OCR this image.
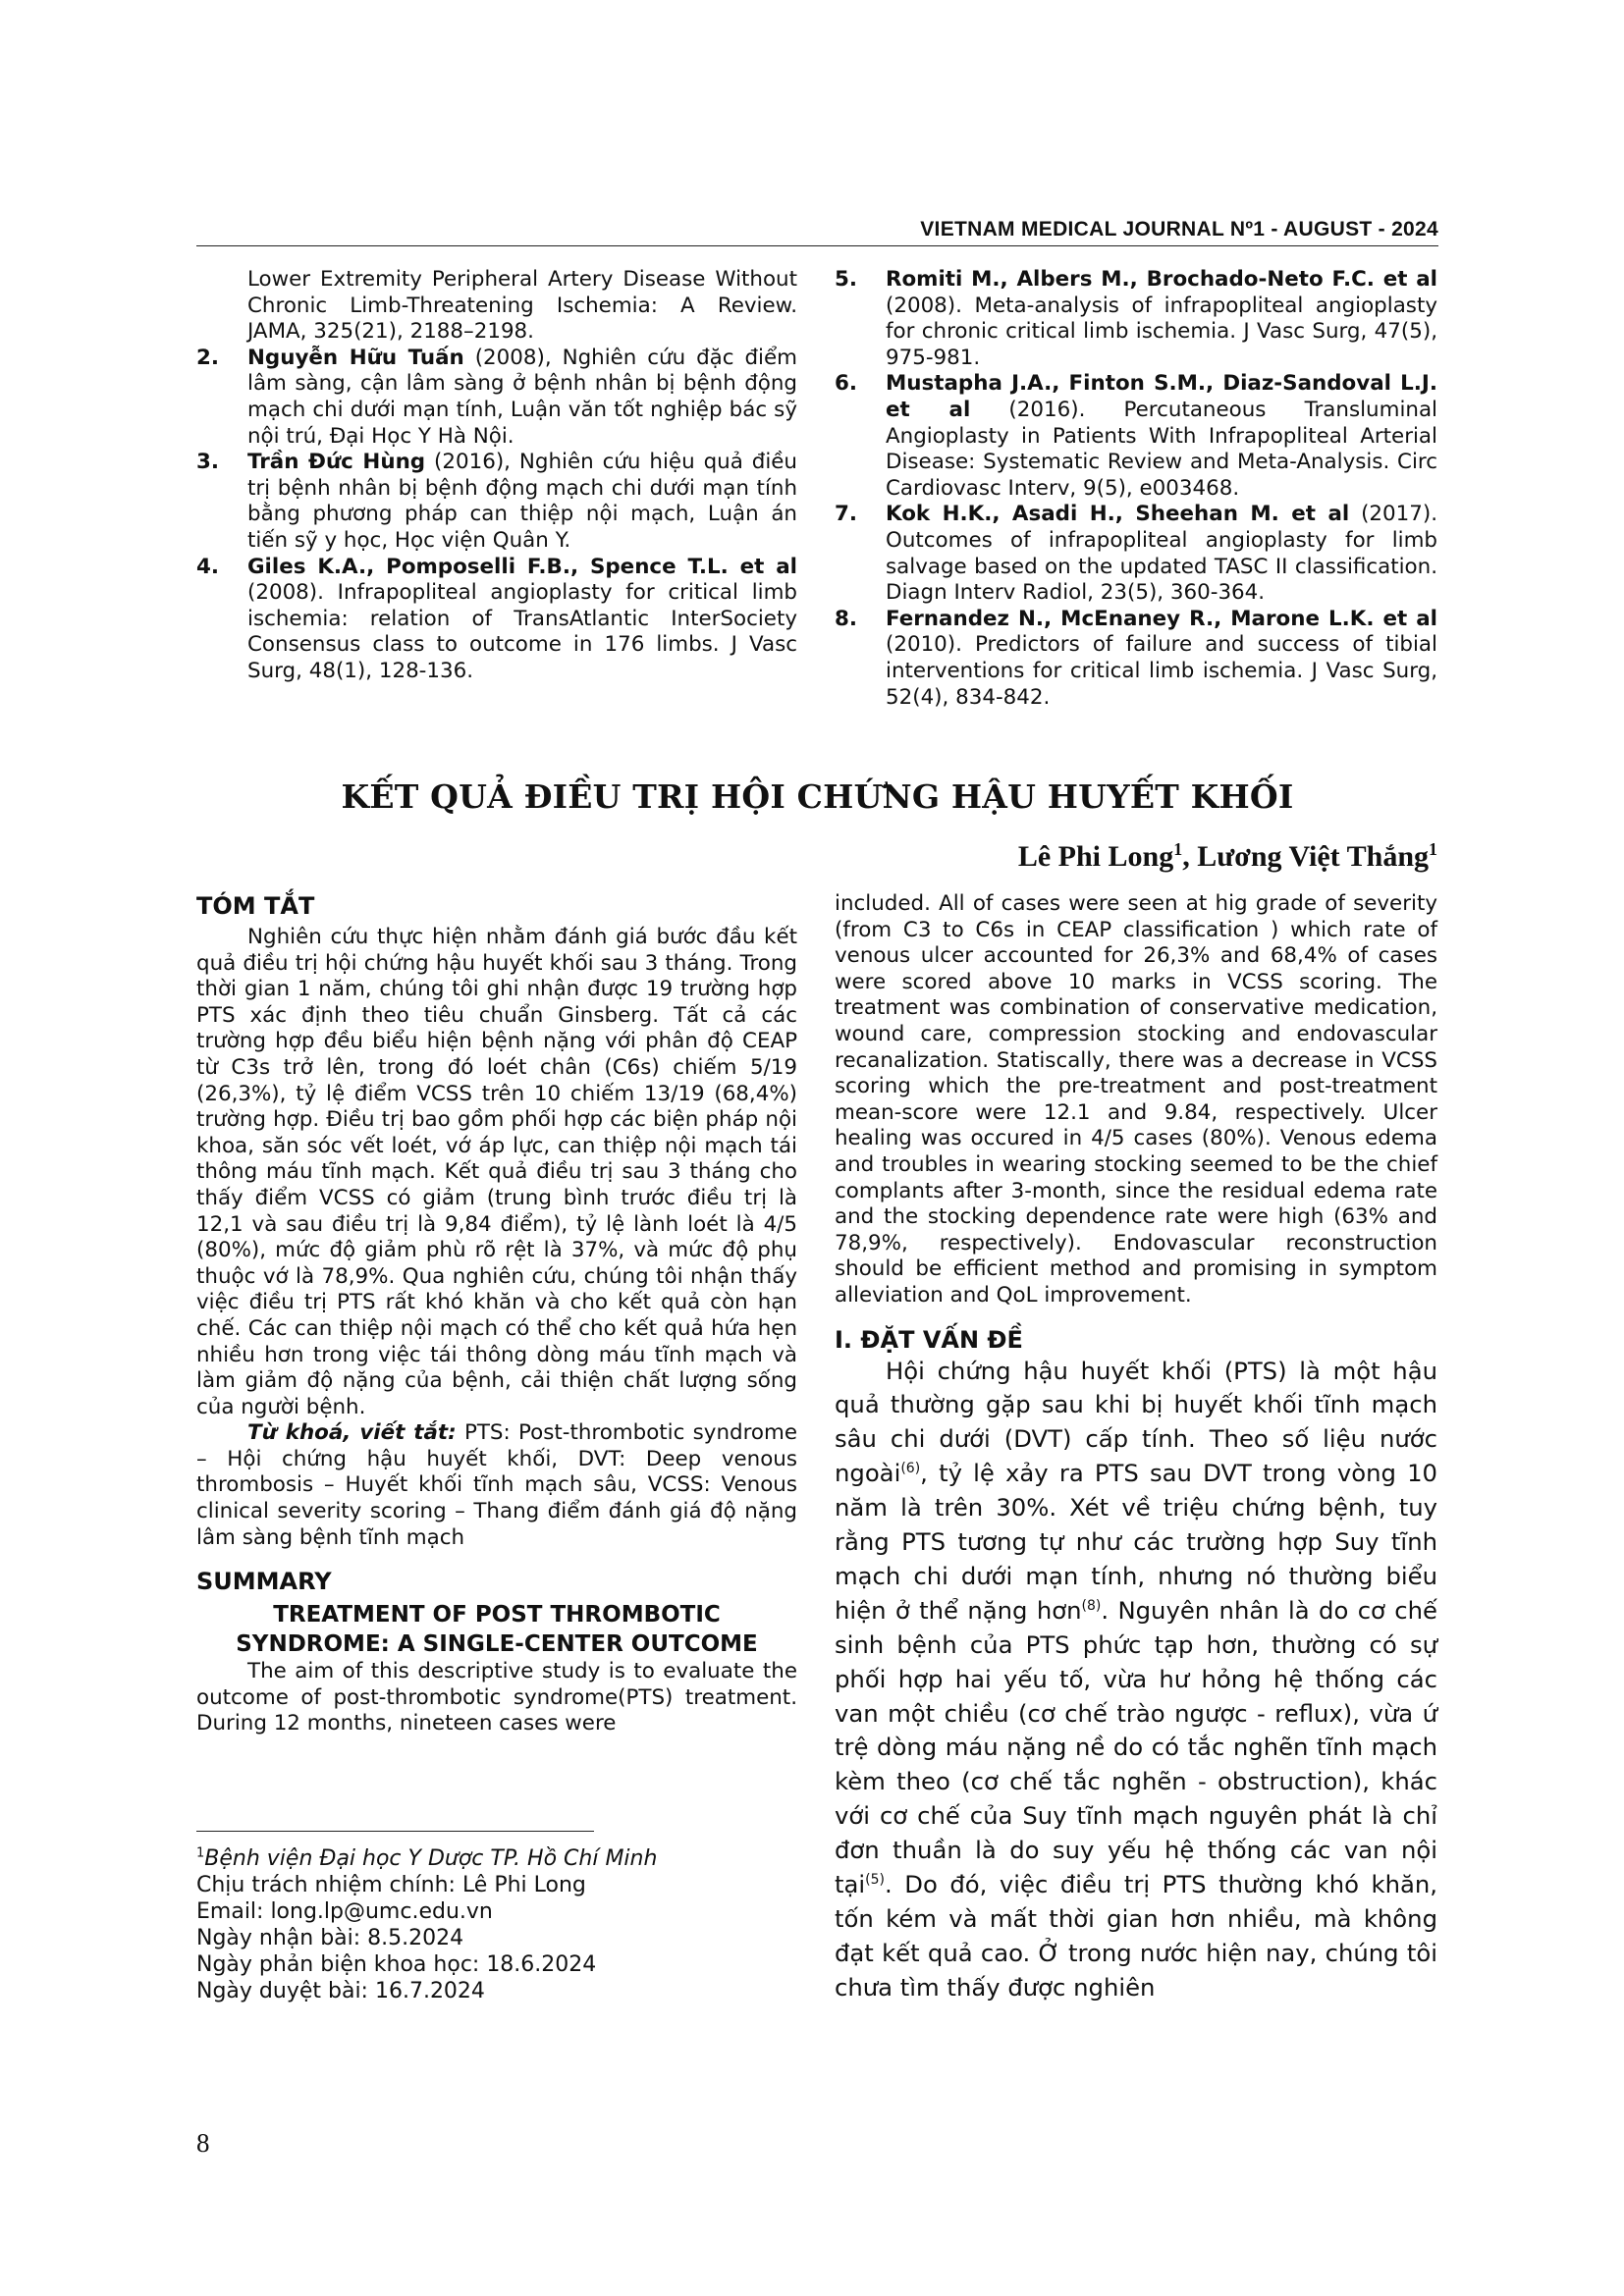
VIETNAM MEDICAL JOURNAL Nº1 - AUGUST - 2024

Lower Extremity Peripheral Artery Disease Without Chronic Limb-Threatening Ischemia: A Review. JAMA, 325(21), 2188–2198.

2. Nguyễn Hữu Tuấn (2008), Nghiên cứu đặc điểm lâm sàng, cận lâm sàng ở bệnh nhân bị bệnh động mạch chi dưới mạn tính, Luận văn tốt nghiệp bác sỹ nội trú, Đại Học Y Hà Nội.
3. Trần Đức Hùng (2016), Nghiên cứu hiệu quả điều trị bệnh nhân bị bệnh động mạch chi dưới mạn tính bằng phương pháp can thiệp nội mạch, Luận án tiến sỹ y học, Học viện Quân Y.
4. Giles K.A., Pomposelli F.B., Spence T.L. et al (2008). Infrapopliteal angioplasty for critical limb ischemia: relation of TransAtlantic InterSociety Consensus class to outcome in 176 limbs. J Vasc Surg, 48(1), 128-136.
5. Romiti M., Albers M., Brochado-Neto F.C. et al (2008). Meta-analysis of infrapopliteal angioplasty for chronic critical limb ischemia. J Vasc Surg, 47(5), 975-981.
6. Mustapha J.A., Finton S.M., Diaz-Sandoval L.J. et al (2016). Percutaneous Transluminal Angioplasty in Patients With Infrapopliteal Arterial Disease: Systematic Review and Meta-Analysis. Circ Cardiovasc Interv, 9(5), e003468.
7. Kok H.K., Asadi H., Sheehan M. et al (2017). Outcomes of infrapopliteal angioplasty for limb salvage based on the updated TASC II classification. Diagn Interv Radiol, 23(5), 360-364.
8. Fernandez N., McEnaney R., Marone L.K. et al (2010). Predictors of failure and success of tibial interventions for critical limb ischemia. J Vasc Surg, 52(4), 834-842.
KẾT QUẢ ĐIỀU TRỊ HỘI CHỨNG HẬU HUYẾT KHỐI
Lê Phi Long$^1$, Lương Việt Thắng$^1$
TÓM TẮT

Nghiên cứu thực hiện nhằm đánh giá bước đầu kết quả điều trị hội chứng hậu huyết khối sau 3 tháng. Trong thời gian 1 năm, chúng tôi ghi nhận được 19 trường hợp PTS xác định theo tiêu chuẩn Ginsberg. Tất cả các trường hợp đều biểu hiện bệnh nặng với phân độ CEAP từ C3s trở lên, trong đó loét chân (C6s) chiếm 5/19 (26,3%), tỷ lệ điểm VCSS trên 10 chiếm 13/19 (68,4%) trường hợp. Điều trị bao gồm phối hợp các biện pháp nội khoa, săn sóc vết loét, vớ áp lực, can thiệp nội mạch tái thông máu tĩnh mạch. Kết quả điều trị sau 3 tháng cho thấy điểm VCSS có giảm (trung bình trước điều trị là 12,1 và sau điều trị là 9,84 điểm), tỷ lệ lành loét là 4/5 (80%), mức độ giảm phù rõ rệt là 37%, và mức độ phụ thuộc vớ là 78,9%. Qua nghiên cứu, chúng tôi nhận thấy việc điều trị PTS rất khó khăn và cho kết quả còn hạn chế. Các can thiệp nội mạch có thể cho kết quả hứa hẹn nhiều hơn trong việc tái thông dòng máu tĩnh mạch và làm giảm độ nặng của bệnh, cải thiện chất lượng sống của người bệnh.

Từ khoá, viết tắt: PTS: Post-thrombotic syndrome – Hội chứng hậu huyết khối, DVT: Deep venous thrombosis – Huyết khối tĩnh mạch sâu, VCSS: Venous clinical severity scoring – Thang điểm đánh giá độ nặng lâm sàng bệnh tĩnh mạch

SUMMARY
TREATMENT OF POST THROMBOTIC
SYNDROME: A SINGLE-CENTER OUTCOME

The aim of this descriptive study is to evaluate the outcome of post-thrombotic syndrome(PTS) treatment. During 12 months, nineteen cases were

included. All of cases were seen at hig grade of severity (from C3 to C6s in CEAP classification ) which rate of venous ulcer accounted for 26,3% and 68,4% of cases were scored above 10 marks in VCSS scoring. The treatment was combination of conservative medication, wound care, compression stocking and endovascular recanalization. Statiscally, there was a decrease in VCSS scoring which the pre-treatment and post-treatment mean-score were 12.1 and 9.84, respectively. Ulcer healing was occured in 4/5 cases (80%). Venous edema and troubles in wearing stocking seemed to be the chief complants after 3-month, since the residual edema rate and the stocking dependence rate were high (63% and 78,9%, respectively). Endovascular reconstruction should be efficient method and promising in symptom alleviation and QoL improvement.

I. ĐẶT VẤN ĐỀ

Hội chứng hậu huyết khối (PTS) là một hậu quả thường gặp sau khi bị huyết khối tĩnh mạch sâu chi dưới (DVT) cấp tính. Theo số liệu nước ngoài$^{(6)}$, tỷ lệ xảy ra PTS sau DVT trong vòng 10 năm là trên 30%. Xét về triệu chứng bệnh, tuy rằng PTS tương tự như các trường hợp Suy tĩnh mạch chi dưới mạn tính, nhưng nó thường biểu hiện ở thể nặng hơn$^{(8)}$. Nguyên nhân là do cơ chế sinh bệnh của PTS phức tạp hơn, thường có sự phối hợp hai yếu tố, vừa hư hỏng hệ thống các van một chiều (cơ chế trào ngược - reflux), vừa ứ trệ dòng máu nặng nề do có tắc nghẽn tĩnh mạch kèm theo (cơ chế tắc nghẽn - obstruction), khác với cơ chế của Suy tĩnh mạch nguyên phát là chỉ đơn thuần là do suy yếu hệ thống các van nội tại$^{(5)}$. Do đó, việc điều trị PTS thường khó khăn, tốn kém và mất thời gian hơn nhiều, mà không đạt kết quả cao. Ở trong nước hiện nay, chúng tôi chưa tìm thấy được nghiên

$^1$Bệnh viện Đại học Y Dược TP. Hồ Chí Minh
Chịu trách nhiệm chính: Lê Phi Long
Email: long.lp@umc.edu.vn
Ngày nhận bài: 8.5.2024
Ngày phản biện khoa học: 18.6.2024
Ngày duyệt bài: 16.7.2024
8
